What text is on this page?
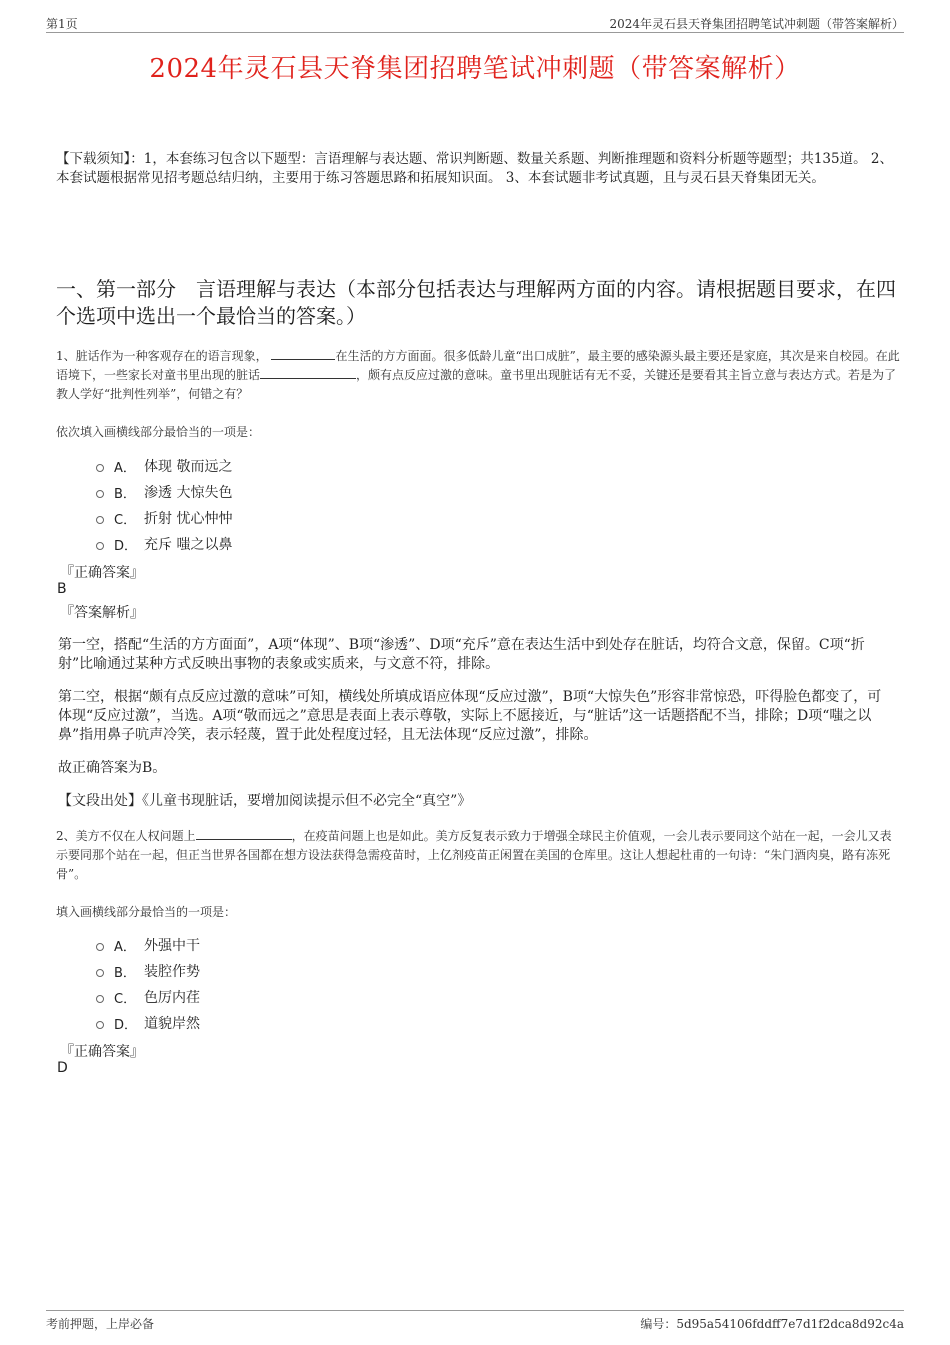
第1页	2024年灵石县天脊集团招聘笔试冲刺题（带答案解析）
2024年灵石县天脊集团招聘笔试冲刺题（带答案解析）
【下载须知】：1，本套练习包含以下题型：言语理解与表达题、常识判断题、数量关系题、判断推理题和资料分析题等题型；共135道。 2、本套试题根据常见招考题总结归纳，主要用于练习答题思路和拓展知识面。 3、本套试题非考试真题，且与灵石县天脊集团无关。
一、第一部分　言语理解与表达（本部分包括表达与理解两方面的内容。请根据题目要求，在四个选项中选出一个最恰当的答案。）
1、脏话作为一种客观存在的语言现象，	在生活的方方面面。很多低龄儿童“出口成脏”，最主要的感染源头最主要还是家庭，其次是来自校园。在此语境下，一些家长对童书里出现的脏话	，颇有点反应过激的意味。童书里出现脏话有无不妥，关键还是要看其主旨立意与表达方式。若是为了教人学好“批判性列举”，何错之有？
依次填入画横线部分最恰当的一项是：
A． 体现 敬而远之
B． 渗透 大惊失色
C． 折射 忧心忡忡
D． 充斥 嗤之以鼻
『正确答案』
B
『答案解析』
第一空，搭配“生活的方方面面”，A项“体现”、B项“渗透”、D项“充斥”意在表达生活中到处存在脏话，均符合文意，保留。C项“折射”比喻通过某种方式反映出事物的表象或实质来，与文意不符，排除。
第二空，根据“颇有点反应过激的意味”可知，横线处所填成语应体现“反应过激”，B项“大惊失色”形容非常惊恐，吓得脸色都变了，可体现“反应过激”，当选。A项“敬而远之”意思是表面上表示尊敬，实际上不愿接近，与“脏话”这一话题搭配不当，排除；D项“嗤之以鼻”指用鼻子吭声冷笑，表示轻蔑，置于此处程度过轻，且无法体现“反应过激”，排除。
故正确答案为B。
【文段出处】《儿童书现脏话，要增加阅读提示但不必完全“真空”》
2、美方不仅在人权问题上	，在疫苗问题上也是如此。美方反复表示致力于增强全球民主价值观，一会儿表示要同这个站在一起，一会儿又表示要同那个站在一起，但正当世界各国都在想方设法获得急需疫苗时，上亿剂疫苗正闲置在美国的仓库里。这让人想起杜甫的一句诗：“朱门酒肉臭，路有冻死骨”。
填入画横线部分最恰当的一项是：
A． 外强中干
B． 装腔作势
C． 色厉内荏
D． 道貌岸然
『正确答案』
D
考前押题，上岸必备	编号：5d95a54106fddff7e7d1f2dca8d92c4a
